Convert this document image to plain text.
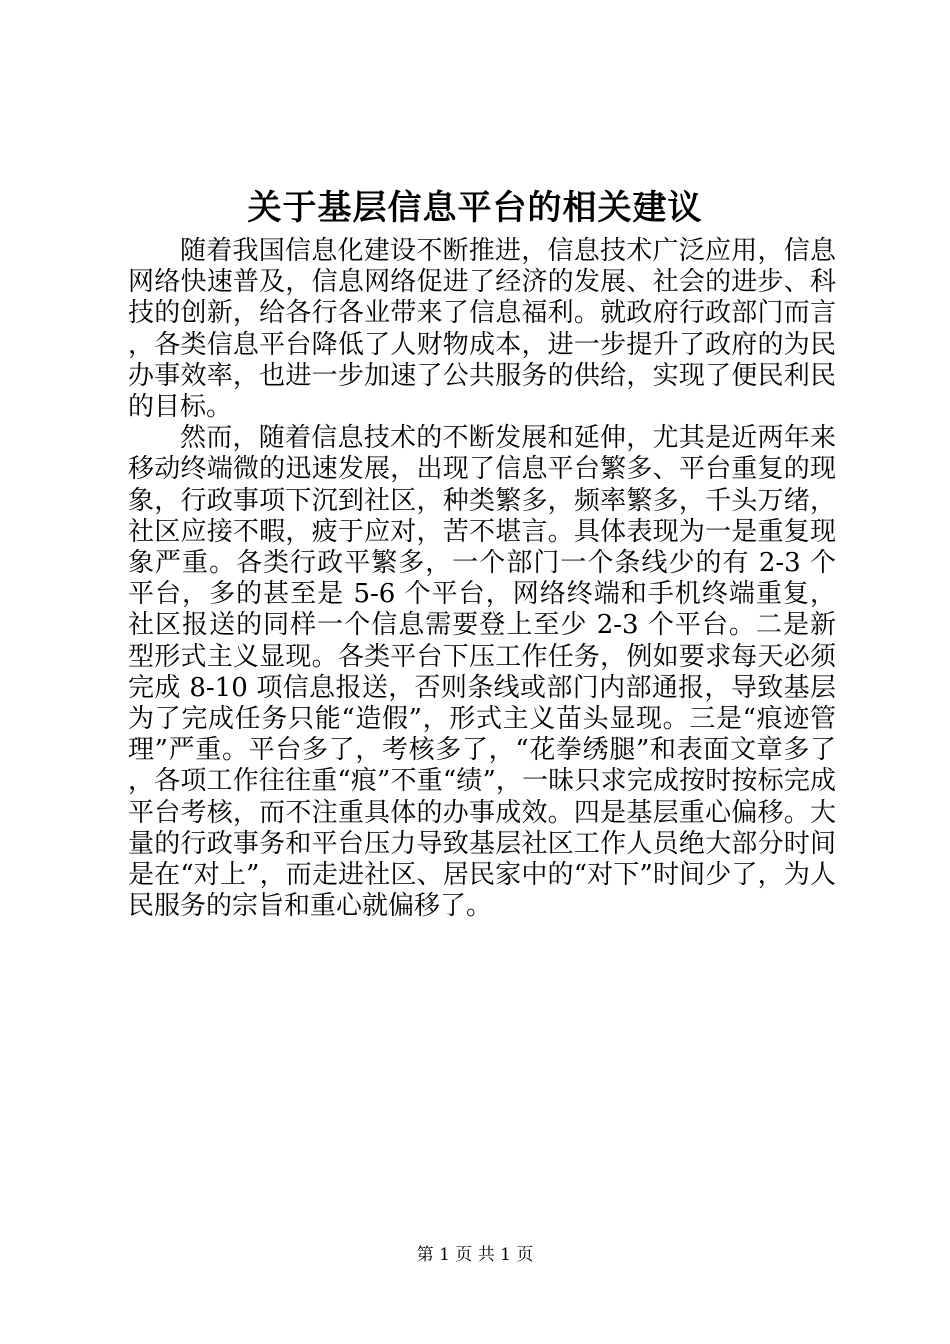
关于基层信息平台的相关建议

随着我国信息化建设不断推进，信息技术广泛应用，信息网络快速普及，信息网络促进了经济的发展、社会的进步、科技的创新，给各行各业带来了信息福利。就政府行政部门而言，各类信息平台降低了人财物成本，进一步提升了政府的为民办事效率，也进一步加速了公共服务的供给，实现了便民利民的目标。

然而，随着信息技术的不断发展和延伸，尤其是近两年来移动终端微的迅速发展，出现了信息平台繁多、平台重复的现象，行政事项下沉到社区，种类繁多，频率繁多，千头万绪，社区应接不暇，疲于应对，苦不堪言。具体表现为一是重复现象严重。各类行政平繁多，一个部门一个条线少的有 2-3 个平台，多的甚至是 5-6 个平台，网络终端和手机终端重复，社区报送的同样一个信息需要登上至少 2-3 个平台。二是新型形式主义显现。各类平台下压工作任务，例如要求每天必须完成 8-10 项信息报送，否则条线或部门内部通报，导致基层为了完成任务只能“造假”，形式主义苗头显现。三是“痕迹管理”严重。平台多了，考核多了，“花拳绣腿”和表面文章多了，各项工作往往重“痕”不重“绩”，一昧只求完成按时按标完成平台考核，而不注重具体的办事成效。四是基层重心偏移。大量的行政事务和平台压力导致基层社区工作人员绝大部分时间是在“对上”，而走进社区、居民家中的“对下”时间少了，为人民服务的宗旨和重心就偏移了。

第 1 页 共 1 页
